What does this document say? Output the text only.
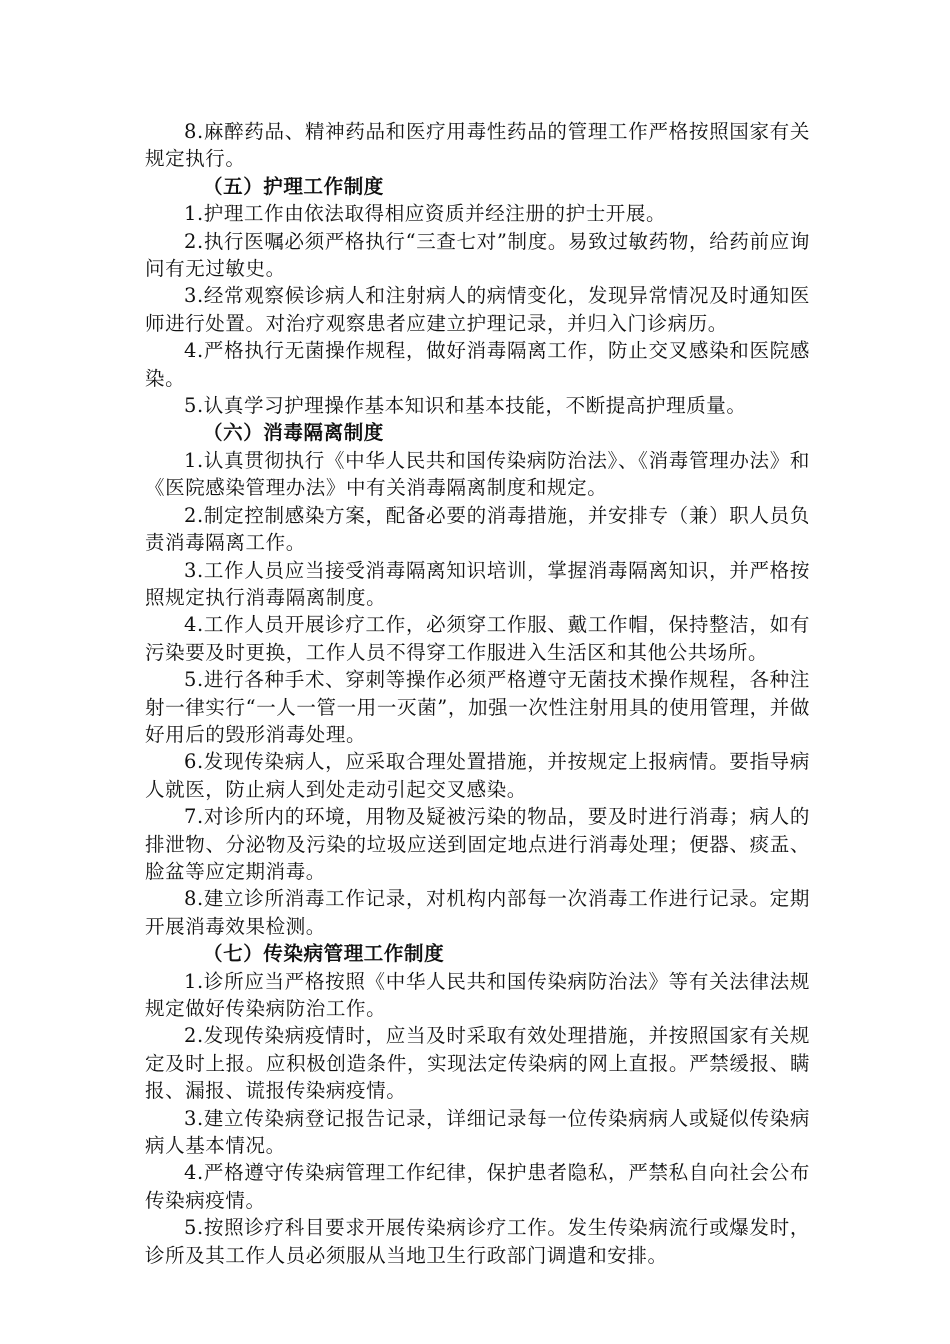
8.麻醉药品、精神药品和医疗用毒性药品的管理工作严格按照国家有关规定执行。

（五）护理工作制度

1.护理工作由依法取得相应资质并经注册的护士开展。

2.执行医嘱必须严格执行“三查七对”制度。易致过敏药物，给药前应询问有无过敏史。

3.经常观察候诊病人和注射病人的病情变化，发现异常情况及时通知医师进行处置。对治疗观察患者应建立护理记录，并归入门诊病历。

4.严格执行无菌操作规程，做好消毒隔离工作，防止交叉感染和医院感染。

5.认真学习护理操作基本知识和基本技能，不断提高护理质量。

（六）消毒隔离制度

1.认真贯彻执行《中华人民共和国传染病防治法》、《消毒管理办法》和《医院感染管理办法》中有关消毒隔离制度和规定。

2.制定控制感染方案，配备必要的消毒措施，并安排专（兼）职人员负责消毒隔离工作。

3.工作人员应当接受消毒隔离知识培训，掌握消毒隔离知识，并严格按照规定执行消毒隔离制度。

4.工作人员开展诊疗工作，必须穿工作服、戴工作帽，保持整洁，如有污染要及时更换，工作人员不得穿工作服进入生活区和其他公共场所。

5.进行各种手术、穿刺等操作必须严格遵守无菌技术操作规程，各种注射一律实行“一人一管一用一灭菌”，加强一次性注射用具的使用管理，并做好用后的毁形消毒处理。

6.发现传染病人，应采取合理处置措施，并按规定上报病情。要指导病人就医，防止病人到处走动引起交叉感染。

7.对诊所内的环境，用物及疑被污染的物品，要及时进行消毒；病人的排泄物、分泌物及污染的垃圾应送到固定地点进行消毒处理；便器、痰盂、脸盆等应定期消毒。

8.建立诊所消毒工作记录，对机构内部每一次消毒工作进行记录。定期开展消毒效果检测。

（七）传染病管理工作制度

1.诊所应当严格按照《中华人民共和国传染病防治法》等有关法律法规规定做好传染病防治工作。

2.发现传染病疫情时，应当及时采取有效处理措施，并按照国家有关规定及时上报。应积极创造条件，实现法定传染病的网上直报。严禁缓报、瞒报、漏报、谎报传染病疫情。

3.建立传染病登记报告记录，详细记录每一位传染病病人或疑似传染病病人基本情况。

4.严格遵守传染病管理工作纪律，保护患者隐私，严禁私自向社会公布传染病疫情。

5.按照诊疗科目要求开展传染病诊疗工作。发生传染病流行或爆发时，诊所及其工作人员必须服从当地卫生行政部门调遣和安排。
